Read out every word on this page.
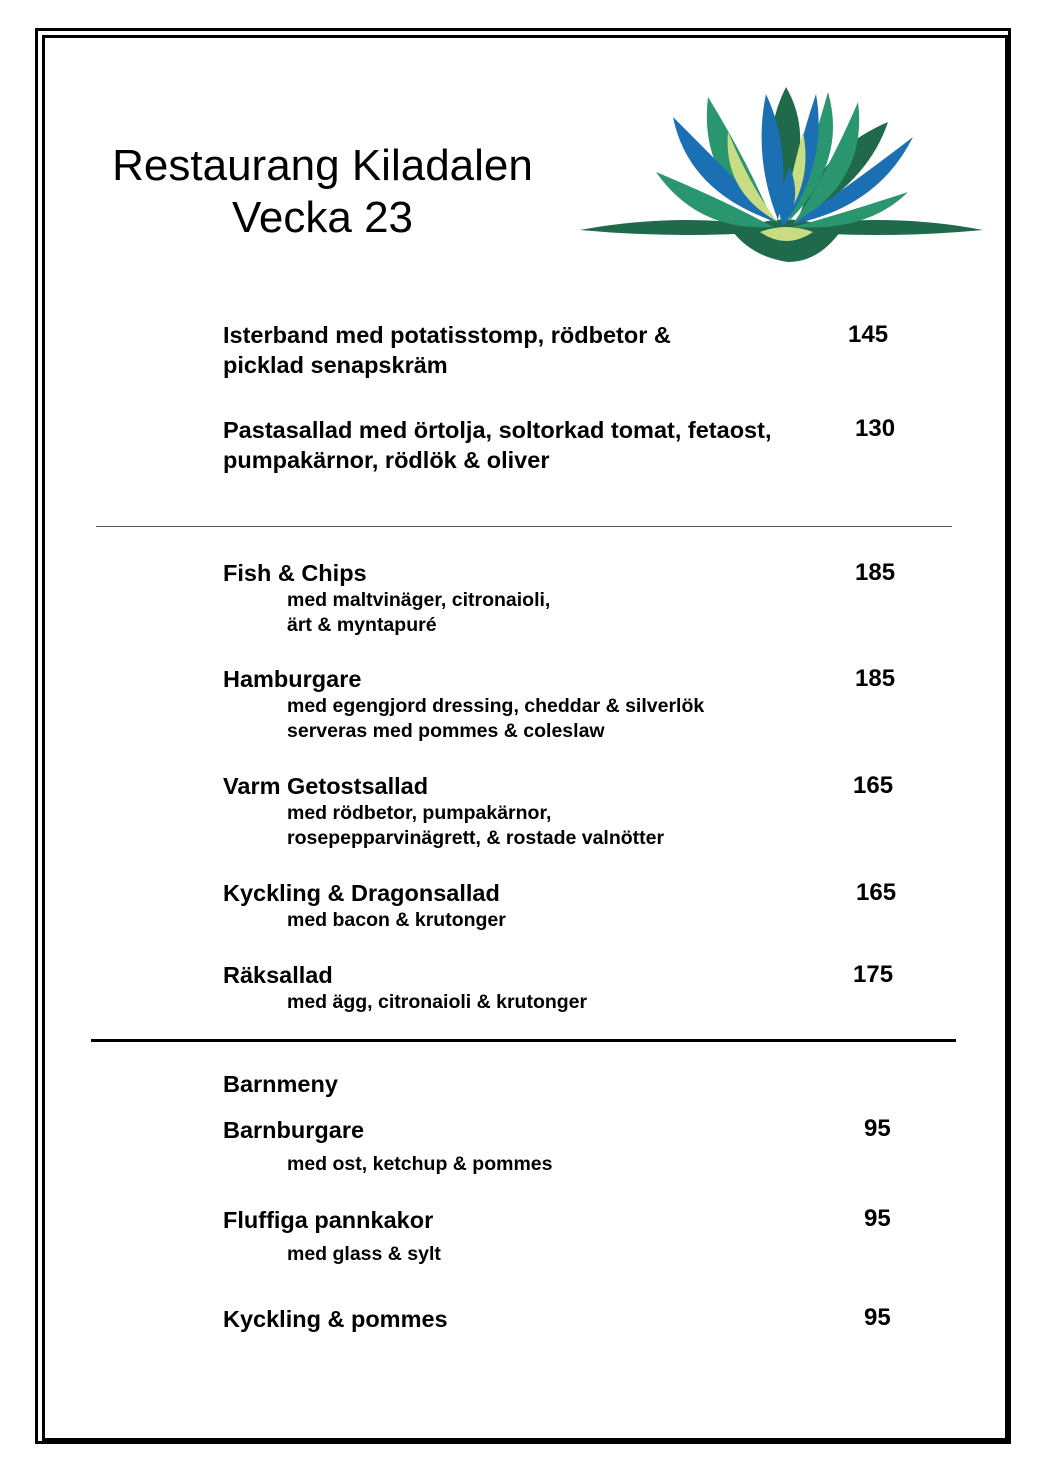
Restaurang Kiladalen
Vecka 23
Isterband med potatisstomp, rödbetor &
picklad senapskräm
145
Pastasallad med örtolja, soltorkad tomat, fetaost,
pumpakärnor, rödlök & oliver
130
Fish & Chips
med maltvinäger, citronaioli,
ärt & myntapuré
185
Hamburgare
med egengjord dressing, cheddar & silverlök
serveras med pommes & coleslaw
185
Varm Getostsallad
med rödbetor, pumpakärnor,
rosepepparvinägrett, & rostade valnötter
165
Kyckling & Dragonsallad
med bacon & krutonger
165
Räksallad
med ägg, citronaioli & krutonger
175
Barnmeny
Barnburgare
med ost, ketchup & pommes
95
Fluffiga pannkakor
med glass & sylt
95
Kyckling & pommes	95
